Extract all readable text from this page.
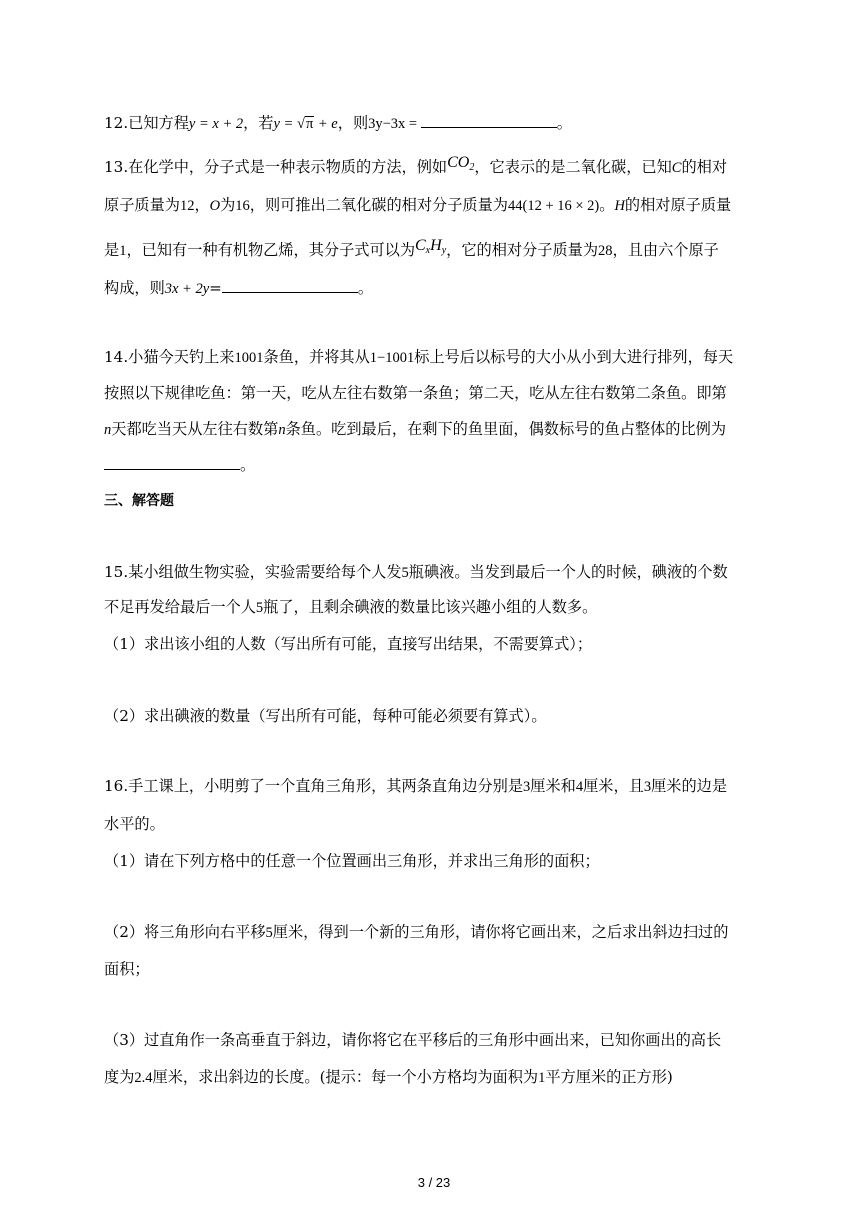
12.已知方程y = x + 2，若y = √π + e，则3y−3x =	。
13.在化学中，分子式是一种表示物质的方法，例如$CO_2$，它表示的是二氧化碳，已知C的相对
原子质量为12，O为16，则可推出二氧化碳的相对分子质量为44(12 + 16 × 2)。H的相对原子质量
是1，已知有一种有机物乙烯，其分子式可以为$C_xH_y$，它的相对分子质量为28，且由六个原子
构成，则3x + 2y=	。
14.小猫今天钓上来1001条鱼，并将其从1−1001标上号后以标号的大小从小到大进行排列，每天
按照以下规律吃鱼：第一天，吃从左往右数第一条鱼；第二天，吃从左往右数第二条鱼。即第
n天都吃当天从左往右数第n条鱼。吃到最后，在剩下的鱼里面，偶数标号的鱼占整体的比例为
。
三、解答题
15.某小组做生物实验，实验需要给每个人发5瓶碘液。当发到最后一个人的时候，碘液的个数
不足再发给最后一个人5瓶了，且剩余碘液的数量比该兴趣小组的人数多。
（1）求出该小组的人数（写出所有可能，直接写出结果，不需要算式）；
（2）求出碘液的数量（写出所有可能，每种可能必须要有算式）。
16.手工课上，小明剪了一个直角三角形，其两条直角边分别是3厘米和4厘米，且3厘米的边是
水平的。
（1）请在下列方格中的任意一个位置画出三角形，并求出三角形的面积；
（2）将三角形向右平移5厘米，得到一个新的三角形，请你将它画出来，之后求出斜边扫过的
面积；
（3）过直角作一条高垂直于斜边，请你将它在平移后的三角形中画出来，已知你画出的高长
度为2.4厘米，求出斜边的长度。(提示：每一个小方格均为面积为1平方厘米的正方形)
3 / 23
